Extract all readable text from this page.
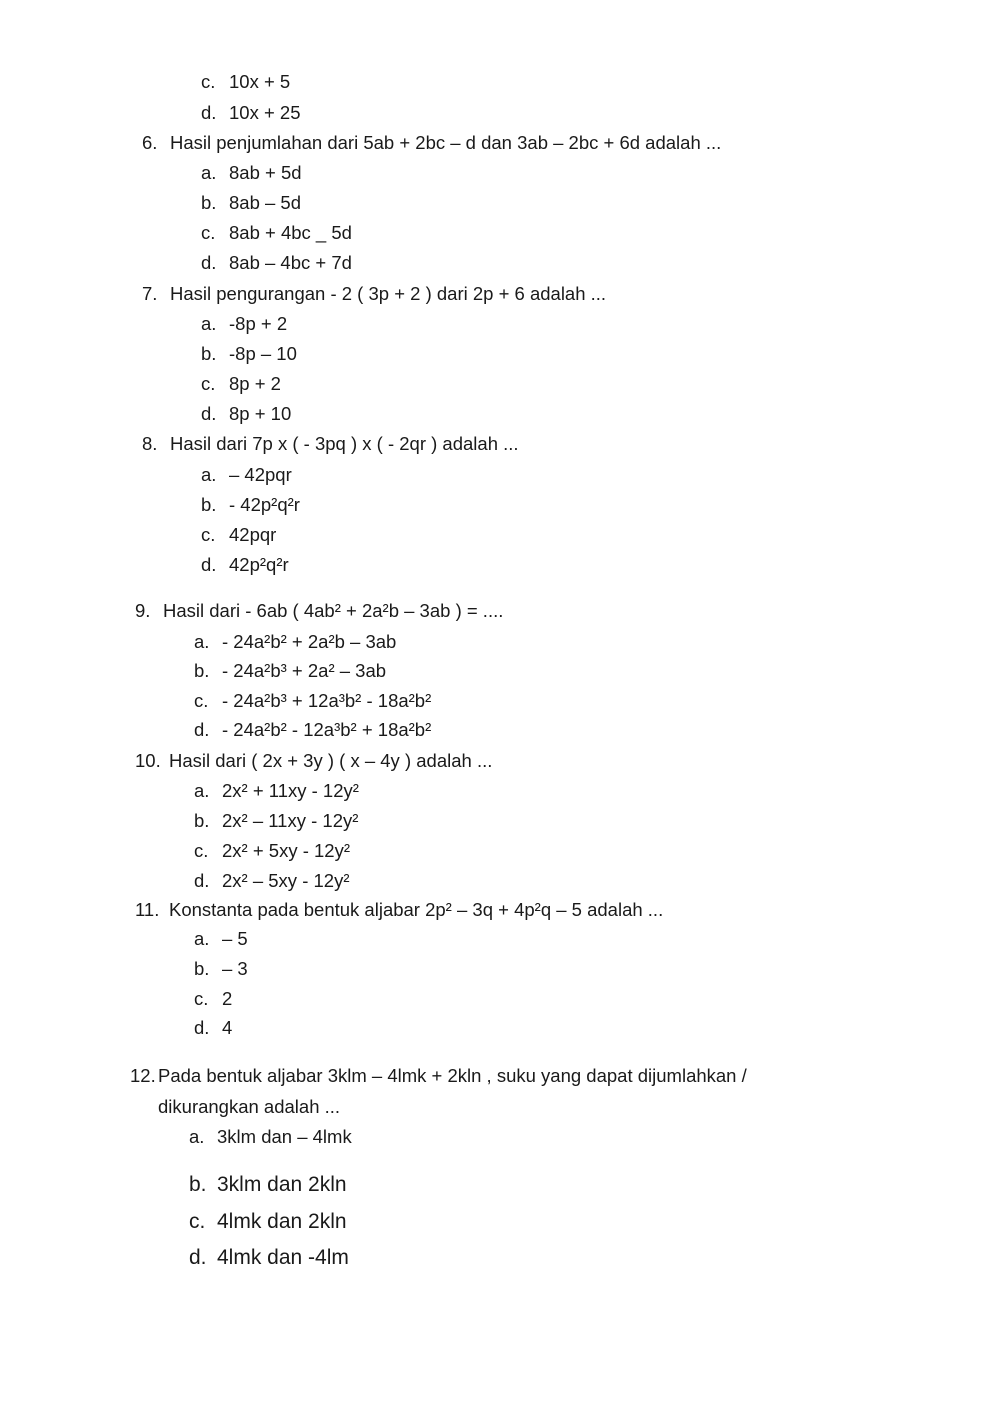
c. 10x + 5
d. 10x + 25
6. Hasil penjumlahan dari 5ab + 2bc – d dan 3ab – 2bc + 6d adalah ...
a. 8ab + 5d
b. 8ab – 5d
c. 8ab + 4bc _ 5d
d. 8ab – 4bc + 7d
7. Hasil pengurangan - 2 ( 3p + 2 ) dari 2p + 6 adalah ...
a. -8p + 2
b. -8p – 10
c. 8p + 2
d. 8p + 10
8. Hasil dari 7p x ( - 3pq ) x ( - 2qr ) adalah ...
a. – 42pqr
b. - 42p²q²r
c. 42pqr
d. 42p²q²r
9. Hasil dari - 6ab ( 4ab² + 2a²b – 3ab ) = ....
a. - 24a²b² + 2a²b – 3ab
b. - 24a²b³ + 2a² – 3ab
c. - 24a²b³ + 12a³b² - 18a²b²
d. - 24a²b² - 12a³b² + 18a²b²
10. Hasil dari ( 2x + 3y ) ( x – 4y ) adalah ...
a. 2x² + 11xy - 12y²
b. 2x² – 11xy - 12y²
c. 2x² + 5xy - 12y²
d. 2x² – 5xy - 12y²
11. Konstanta pada bentuk aljabar 2p² – 3q + 4p²q – 5 adalah ...
a. – 5
b. – 3
c. 2
d. 4
12. Pada bentuk aljabar 3klm – 4lmk + 2kln , suku yang dapat dijumlahkan /
dikurangkan adalah ...
a. 3klm dan – 4lmk
b. 3klm dan 2kln
c. 4lmk dan 2kln
d. 4lmk dan -4lm
